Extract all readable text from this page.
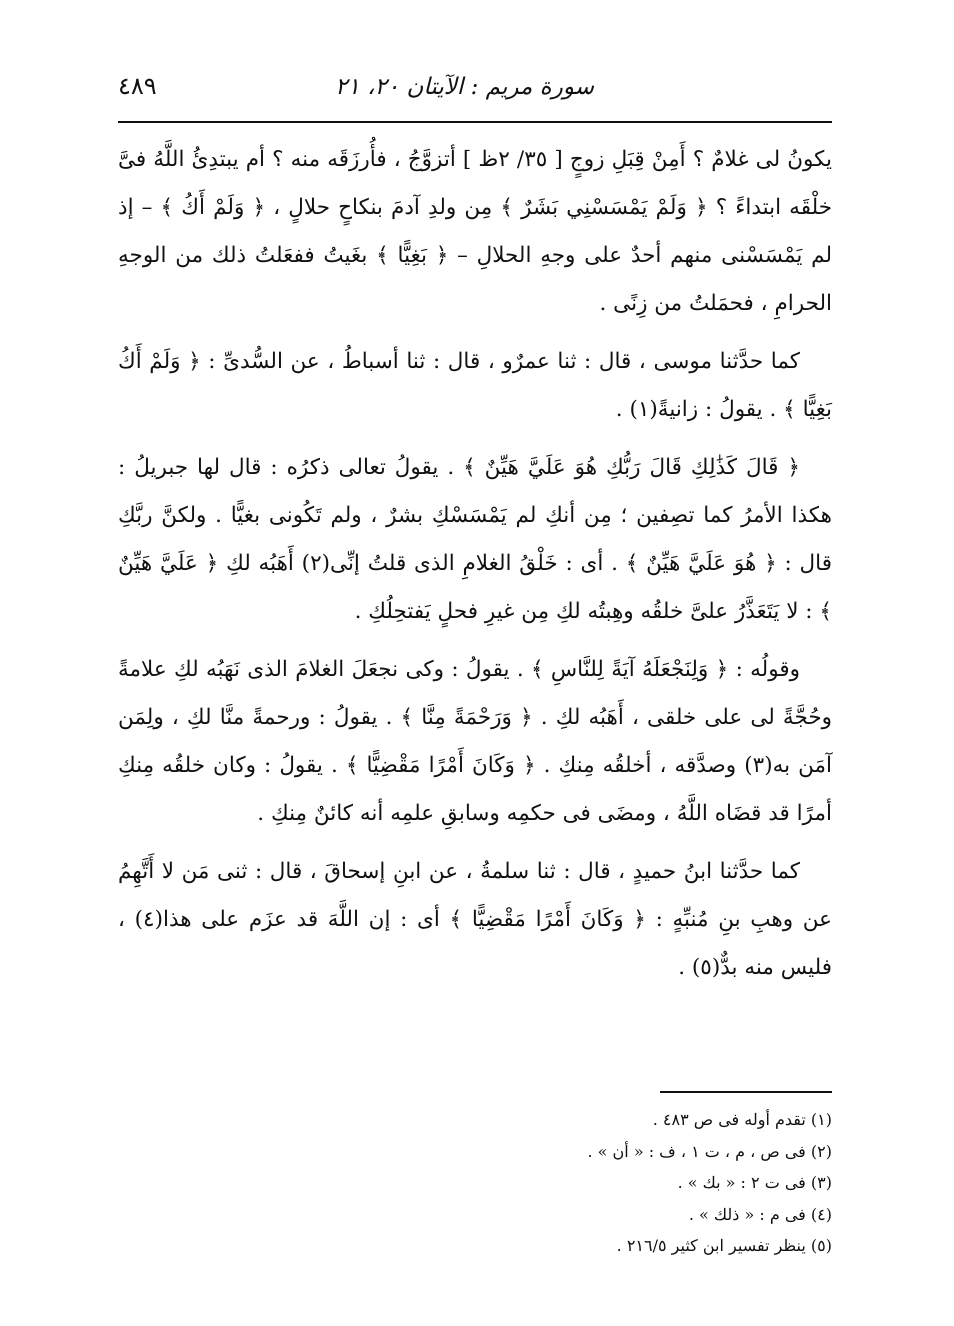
سورة مريم : الآيتان ٢٠، ٢١
٤٨٩

يكونُ لى غلامٌ ؟ أَمِنْ قِبَلِ زوجٍ [ ٣٥/ ٢ظ ] أتزوَّجُ ، فأُرزَقَه منه ؟ أم يبتدِئُ اللَّهُ فىَّ خلْقَه ابتداءً ؟ ﴿ وَلَمْ يَمْسَسْنِي بَشَرٌ ﴾ مِن ولدِ آدمَ بنكاحٍ حلالٍ ، ﴿ وَلَمْ أَكُ ﴾ – إذ لم يَمْسَسْنى منهم أحدٌ على وجهِ الحلالِ – ﴿ بَغِيًّا ﴾ بغَيتُ ففعَلتُ ذلك من الوجهِ الحرامِ ، فحمَلتُ من زِنًى .

كما حدَّثنا موسى ، قال : ثنا عمرٌو ، قال : ثنا أسباطُ ، عن السُّدىِّ : ﴿ وَلَمْ أَكُ بَغِيًّا ﴾ . يقولُ : زانيةً(١) .

﴿ قَالَ كَذَٰلِكِ قَالَ رَبُّكِ هُوَ عَلَيَّ هَيِّنٌ ﴾ . يقولُ تعالى ذكرُه : قال لها جبريلُ : هكذا الأمرُ كما تصِفين ؛ مِن أنكِ لم يَمْسَسْكِ بشرٌ ، ولم تَكُونى بغيًّا . ولكنَّ ربَّكِ قال : ﴿ هُوَ عَلَيَّ هَيِّنٌ ﴾ . أى : خَلْقُ الغلامِ الذى قلتُ إنِّى(٢) أَهَبُه لكِ ﴿ عَلَيَّ هَيِّنٌ ﴾ : لا يَتَعَذَّرُ علىَّ خلقُه وهِبتُه لكِ مِن غيرِ فحلٍ يَفتحِلُكِ .

وقولُه : ﴿ وَلِنَجْعَلَهُ آيَةً لِلنَّاسِ ﴾ . يقولُ : وكى نجعَلَ الغلامَ الذى نَهَبُه لكِ علامةً وحُجَّةً لى على خلقى ، أَهَبُه لكِ . ﴿ وَرَحْمَةً مِنَّا ﴾ . يقولُ : ورحمةً منَّا لكِ ، ولِمَن آمَن به(٣) وصدَّقه ، أخلقُه مِنكِ . ﴿ وَكَانَ أَمْرًا مَقْضِيًّا ﴾ . يقولُ : وكان خلقُه مِنكِ أمرًا قد قضَاه اللَّهُ ، ومضَى فى حكمِه وسابقِ علمِه أنه كائنٌ مِنكِ .

كما حدَّثنا ابنُ حميدٍ ، قال : ثنا سلمةُ ، عن ابنِ إسحاقَ ، قال : ثنى مَن لا أَتَّهِمُ عن وهبِ بنِ مُنبِّهٍ : ﴿ وَكَانَ أَمْرًا مَقْضِيًّا ﴾ أى : إن اللَّهَ قد عزَم على هذا(٤) ، فليس منه بدٌّ(٥) .

(١) تقدم أوله فى ص ٤٨٣ .

(٢) فى ص ، م ، ت ١ ، ف : « أن » .

(٣) فى ت ٢ : « بك » .

(٤) فى م : « ذلك » .

(٥) ينظر تفسير ابن كثير ٢١٦/٥ .
